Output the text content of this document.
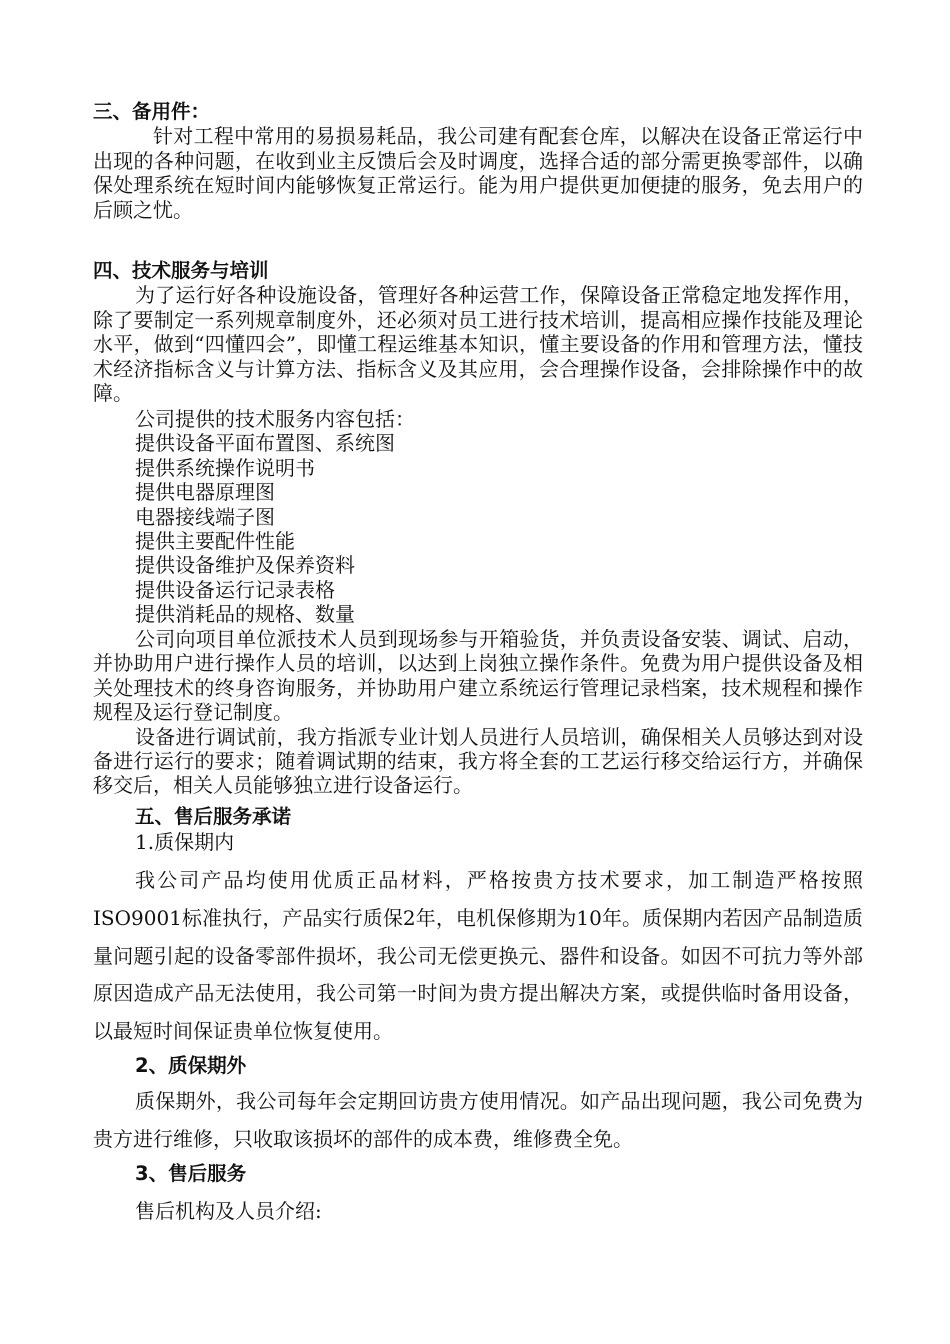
三、备用件：

针对工程中常用的易损易耗品，我公司建有配套仓库，以解决在设备正常运行中出现的各种问题，在收到业主反馈后会及时调度，选择合适的部分需更换零部件，以确保处理系统在短时间内能够恢复正常运行。能为用户提供更加便捷的服务，免去用户的后顾之忧。

四、技术服务与培训

为了运行好各种设施设备，管理好各种运营工作，保障设备正常稳定地发挥作用，除了要制定一系列规章制度外，还必须对员工进行技术培训，提高相应操作技能及理论水平，做到“四懂四会”，即懂工程运维基本知识，懂主要设备的作用和管理方法，懂技术经济指标含义与计算方法、指标含义及其应用，会合理操作设备，会排除操作中的故障。

公司提供的技术服务内容包括：

提供设备平面布置图、系统图

提供系统操作说明书

提供电器原理图

电器接线端子图

提供主要配件性能

提供设备维护及保养资料

提供设备运行记录表格

提供消耗品的规格、数量

公司向项目单位派技术人员到现场参与开箱验货，并负责设备安装、调试、启动，并协助用户进行操作人员的培训，以达到上岗独立操作条件。免费为用户提供设备及相关处理技术的终身咨询服务，并协助用户建立系统运行管理记录档案，技术规程和操作规程及运行登记制度。

设备进行调试前，我方指派专业计划人员进行人员培训，确保相关人员够达到对设备进行运行的要求；随着调试期的结束，我方将全套的工艺运行移交给运行方，并确保移交后，相关人员能够独立进行设备运行。

五、售后服务承诺
1.质保期内

我公司产品均使用优质正品材料，严格按贵方技术要求，加工制造严格按照ISO9001标准执行，产品实行质保2年，电机保修期为10年。质保期内若因产品制造质量问题引起的设备零部件损坏，我公司无偿更换元、器件和设备。如因不可抗力等外部原因造成产品无法使用，我公司第一时间为贵方提出解决方案，或提供临时备用设备，以最短时间保证贵单位恢复使用。

2、质保期外

质保期外，我公司每年会定期回访贵方使用情况。如产品出现问题，我公司免费为贵方进行维修，只收取该损坏的部件的成本费，维修费全免。

3、售后服务
售后机构及人员介绍:
